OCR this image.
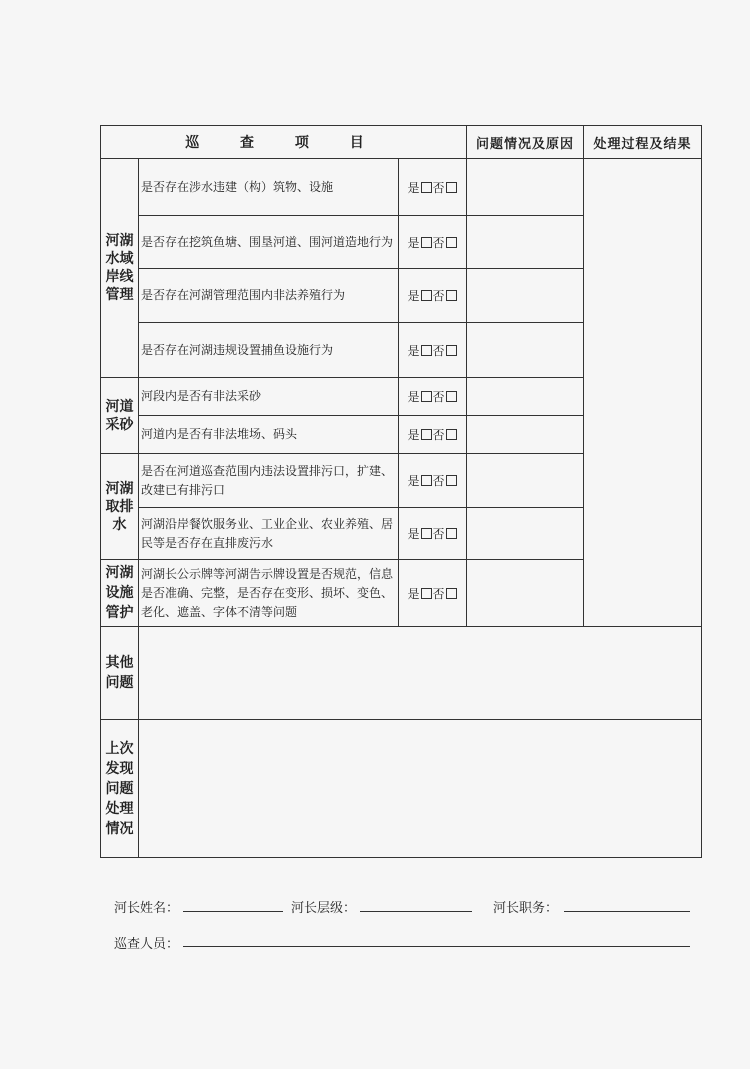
巡 查 项 目			问题情况及原因	处理过程及结果
河湖水域岸线管理	是否存在涉水违建（构）筑物、设施	是 否		
	是否存在挖筑鱼塘、围垦河道、围河道造地行为	是 否		
	是否存在河湖管理范围内非法养殖行为	是 否		
	是否存在河湖违规设置捕鱼设施行为	是 否		
河道采砂	河段内是否有非法采砂	是 否		
	河道内是否有非法堆场、码头	是 否		
河湖取排水	是否在河道巡查范围内违法设置排污口，扩建、改建已有排污口	是 否		
	河湖沿岸餐饮服务业、工业企业、农业养殖、居民等是否存在直排废污水	是 否		
河湖设施管护	河湖长公示牌等河湖告示牌设置是否规范，信息是否准确、完整，是否存在变形、损坏、变色、老化、遮盖、字体不清等问题	是 否		
其他问题				
上次发现问题处理情况				
河长姓名：	河长层级：	河长职务：
巡查人员：
